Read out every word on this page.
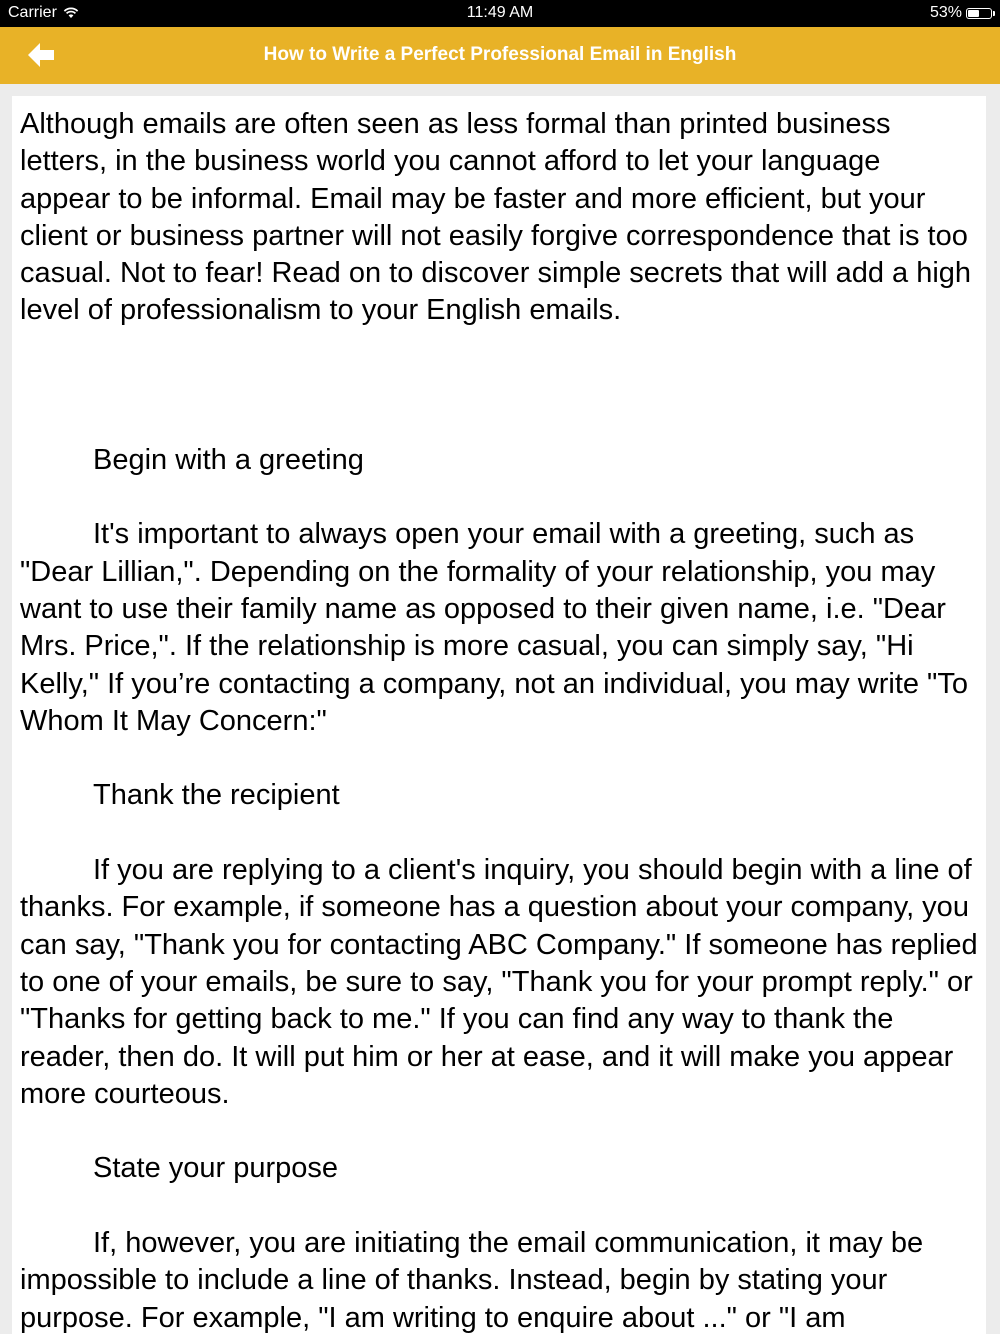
Carrier	11:49 AM	53%
How to Write a Perfect Professional Email in English

Although emails are often seen as less formal than printed business letters, in the business world you cannot afford to let your language appear to be informal. Email may be faster and more efficient, but your client or business partner will not easily forgive correspondence that is too casual. Not to fear! Read on to discover simple secrets that will add a high level of professionalism to your English emails.

Begin with a greeting

It's important to always open your email with a greeting, such as "Dear Lillian,". Depending on the formality of your relationship, you may want to use their family name as opposed to their given name, i.e. "Dear Mrs. Price,". If the relationship is more casual, you can simply say, "Hi Kelly," If you’re contacting a company, not an individual, you may write "To Whom It May Concern:"

Thank the recipient

If you are replying to a client's inquiry, you should begin with a line of thanks. For example, if someone has a question about your company, you can say, "Thank you for contacting ABC Company." If someone has replied to one of your emails, be sure to say, "Thank you for your prompt reply." or "Thanks for getting back to me." If you can find any way to thank the reader, then do. It will put him or her at ease, and it will make you appear more courteous.

State your purpose

If, however, you are initiating the email communication, it may be impossible to include a line of thanks. Instead, begin by stating your purpose. For example, "I am writing to enquire about ..." or "I am
